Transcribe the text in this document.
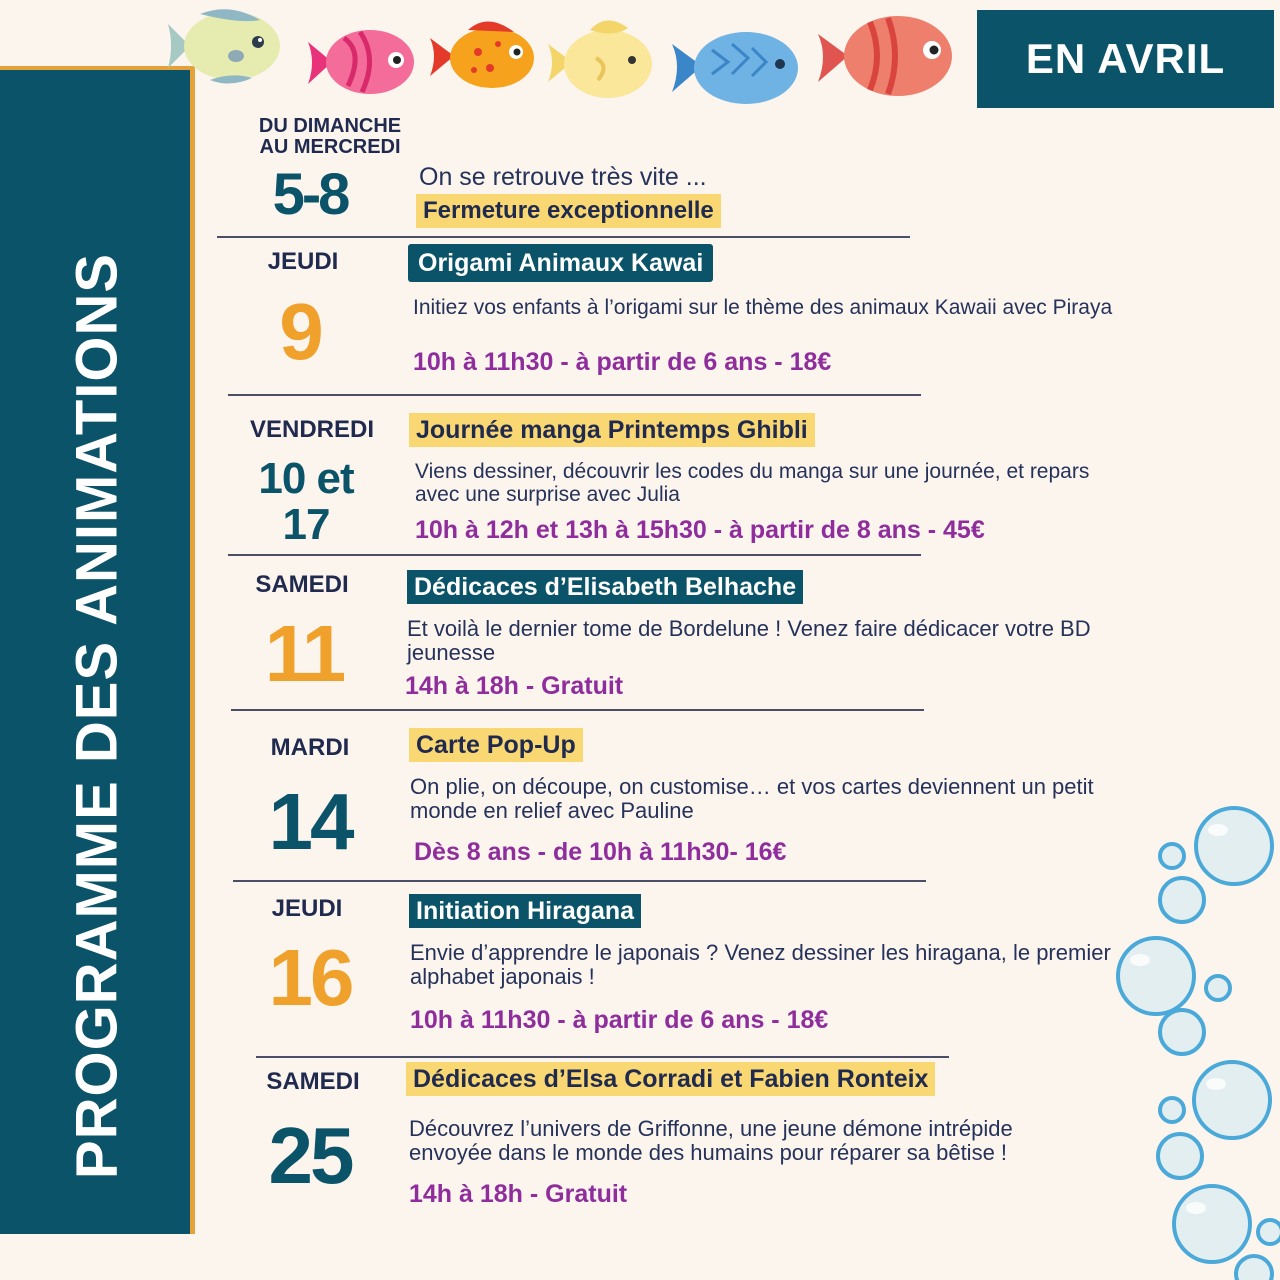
PROGRAMME DES ANIMATIONS
EN AVRIL
DU DIMANCHE
AU MERCREDI
5-8	On se retrouve très vite ...
Fermeture exceptionnelle
JEUDI
9
Origami Animaux Kawai
Initiez vos enfants à l’origami sur le thème des animaux Kawaii avec Piraya
10h à 11h30 - à partir de 6 ans - 18€
VENDREDI
10 et
17
Journée manga Printemps Ghibli
Viens dessiner, découvrir les codes du manga sur une journée, et repars avec une surprise avec Julia
10h à 12h et 13h à 15h30 - à partir de 8 ans - 45€
SAMEDI
11
Dédicaces d’Elisabeth Belhache
Et voilà le dernier tome de Bordelune ! Venez faire dédicacer votre BD jeunesse
14h à 18h - Gratuit
MARDI
14
Carte Pop-Up
On plie, on découpe, on customise… et vos cartes deviennent un petit monde en relief avec Pauline
Dès 8 ans - de 10h à 11h30- 16€
JEUDI
16
Initiation Hiragana
Envie d’apprendre le japonais ? Venez dessiner les hiragana, le premier alphabet japonais !
10h à 11h30 - à partir de 6 ans - 18€
SAMEDI
25
Dédicaces d’Elsa Corradi et Fabien Ronteix
Découvrez l’univers de Griffonne, une jeune démone intrépide envoyée dans le monde des humains pour réparer sa bêtise !
14h à 18h - Gratuit
